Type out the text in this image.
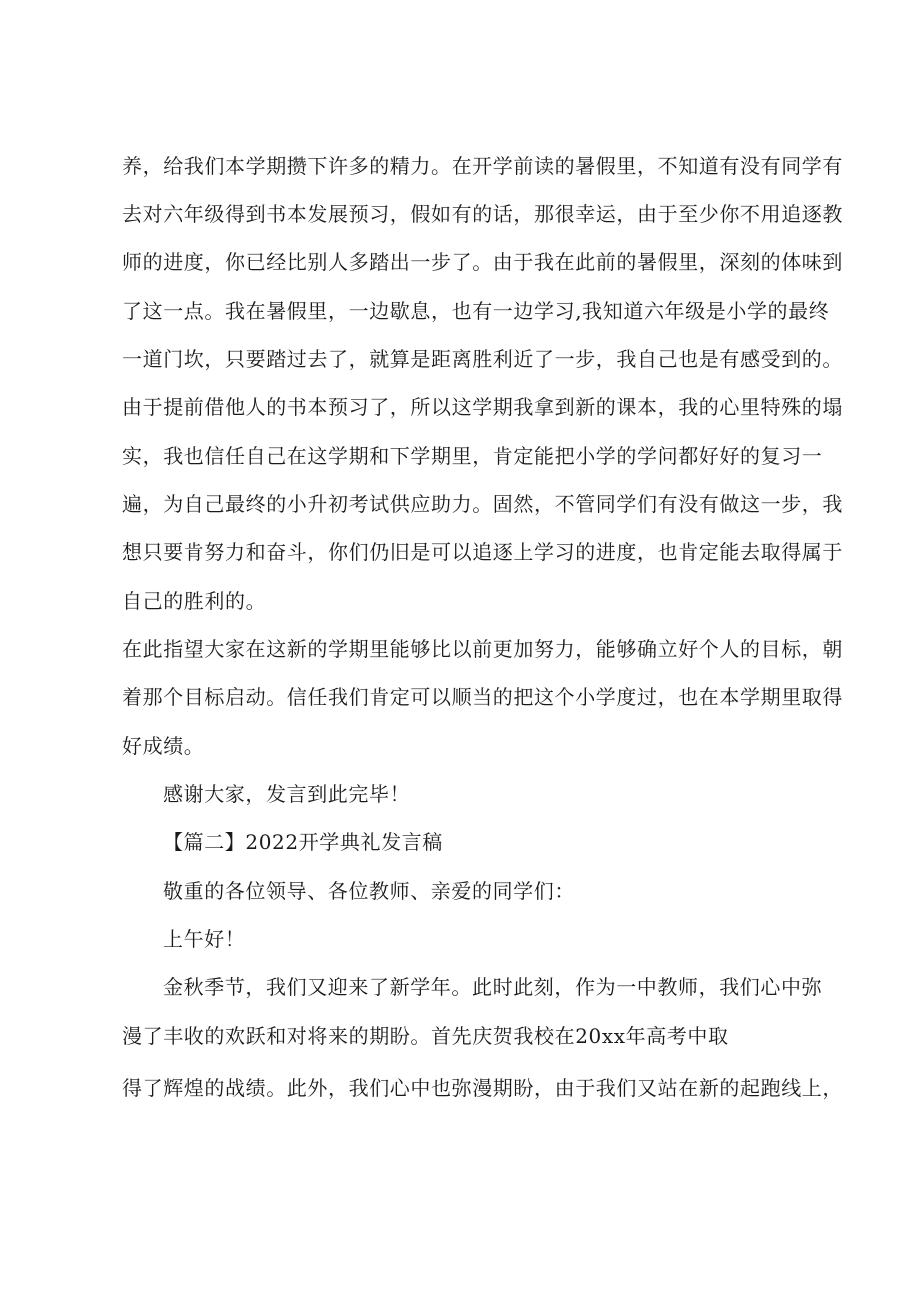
养，给我们本学期攒下许多的精力。在开学前读的暑假里，不知道有没有同学有
去对六年级得到书本发展预习，假如有的话，那很幸运，由于至少你不用追逐教
师的进度，你已经比别人多踏出一步了。由于我在此前的暑假里，深刻的体味到
了这一点。我在暑假里，一边歇息，也有一边学习,我知道六年级是小学的最终
一道门坎，只要踏过去了，就算是距离胜利近了一步，我自己也是有感受到的。
由于提前借他人的书本预习了，所以这学期我拿到新的课本，我的心里特殊的塌
实，我也信任自己在这学期和下学期里，肯定能把小学的学问都好好的复习一
遍，为自己最终的小升初考试供应助力。固然，不管同学们有没有做这一步，我
想只要肯努力和奋斗，你们仍旧是可以追逐上学习的进度，也肯定能去取得属于
自己的胜利的。
在此指望大家在这新的学期里能够比以前更加努力，能够确立好个人的目标，朝
着那个目标启动。信任我们肯定可以顺当的把这个小学度过，也在本学期里取得
好成绩。
感谢大家，发言到此完毕！
【篇二】2022开学典礼发言稿
敬重的各位领导、各位教师、亲爱的同学们：
上午好！
金秋季节，我们又迎来了新学年。此时此刻，作为一中教师，我们心中弥
漫了丰收的欢跃和对将来的期盼。首先庆贺我校在20xx年高考中取
得了辉煌的战绩。此外，我们心中也弥漫期盼，由于我们又站在新的起跑线上，
